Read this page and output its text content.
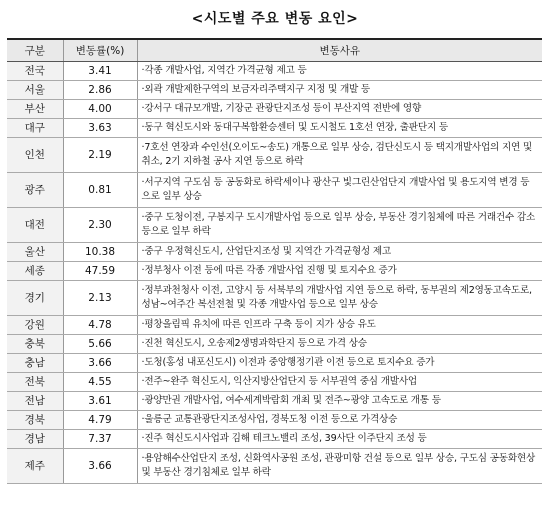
<시도별 주요 변동 요인>
구분	변동률(%)	변동사유
전국	3.41	·각종 개발사업, 지역간 가격균형 제고 등
서울	2.86	·외곽 개발제한구역의 보금자리주택지구 지정 및 개발 등
부산	4.00	·강서구 대규모개발, 기장군 관광단지조성 등이 부산지역 전반에 영향
대구	3.63	·동구 혁신도시와 동대구복합환승센터 및 도시철도 1호선 연장, 출판단지 등
인천	2.19	·7호선 연장과 수인선(오이도~송도) 개통으로 일부 상승, 검단신도시 등 택지개발사업의 지연 및 취소, 2기 지하철 공사 지연 등으로 하락
광주	0.81	·서구지역 구도심 등 공동화로 하락세이나 광산구 빛그린산업단지 개발사업 및 용도지역 변경 등으로 일부 상승
대전	2.30	·중구 도청이전, 구봉지구 도시개발사업 등으로 일부 상승, 부동산 경기침체에 따른 거래건수 감소 등으로 일부 하락
울산	10.38	·중구 우정혁신도시, 산업단지조성 및 지역간 가격균형성 제고
세종	47.59	·정부청사 이전 등에 따른 각종 개발사업 진행 및 토지수요 증가
경기	2.13	·정부과천청사 이전, 고양시 등 서북부의 개발사업 지연 등으로 하락, 동부권의 제2영동고속도로, 성남~여주간 복선전철 및 각종 개발사업 등으로 일부 상승
강원	4.78	·평창올림픽 유치에 따른 인프라 구축 등이 지가 상승 유도
충북	5.66	·진천 혁신도시, 오송제2생명과학단지 등으로 가격 상승
충남	3.66	·도청(홍성 내포신도시) 이전과 중앙행정기관 이전 등으로 토지수요 증가
전북	4.55	·전주~완주 혁신도시, 익산지방산업단지 등 서부권역 중심 개발사업
전남	3.61	·광양만권 개발사업, 여수세계박람회 개최 및 전주~광양 고속도로 개통 등
경북	4.79	·울릉군 교통관광단지조성사업, 경북도청 이전 등으로 가격상승
경남	7.37	·진주 혁신도시사업과 김해 테크노밸리 조성, 39사단 이주단지 조성 등
제주	3.66	·용암해수산업단지 조성, 신화역사공원 조성, 관광미항 건설 등으로 일부 상승, 구도심 공동화현상 및 부동산 경기침체로 일부 하락
